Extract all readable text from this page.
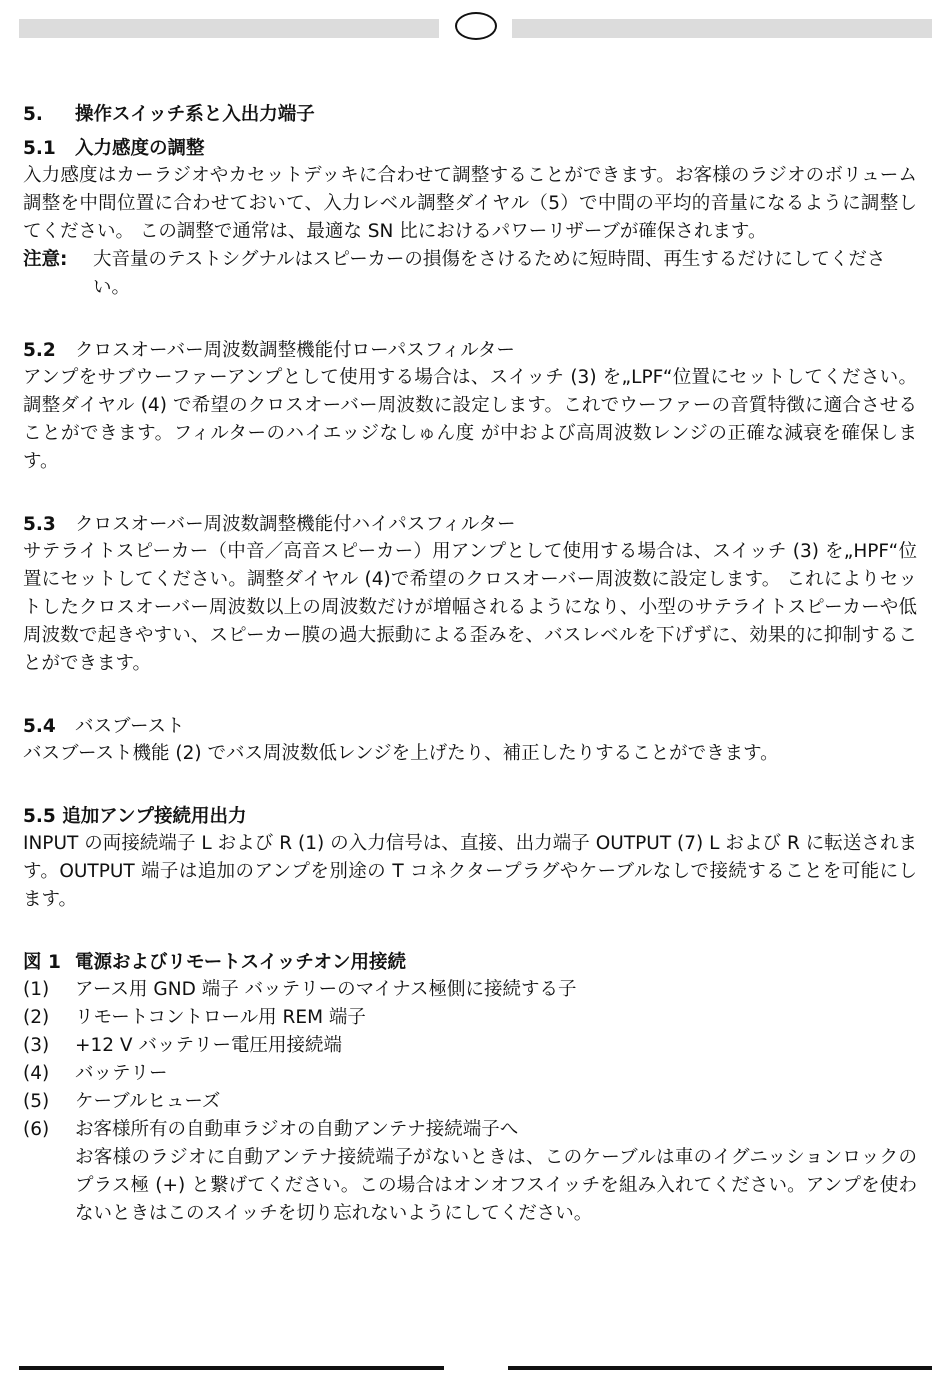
5.	操作スイッチ系と入出力端子
5.1	入力感度の調整
入力感度はカーラジオやカセットデッキに合わせて調整することができます。お客様のラジオのボリューム調整を中間位置に合わせておいて、入力レベル調整ダイヤル（5）で中間の平均的音量になるように調整してください。 この調整で通常は、最適な SN 比におけるパワーリザーブが確保されます。
注意:	大音量のテストシグナルはスピーカーの損傷をさけるために短時間、再生するだけにしてください。
5.2	クロスオーバー周波数調整機能付ローパスフィルター
アンプをサブウーファーアンプとして使用する場合は、スイッチ (3) を„LPF“位置にセットしてください。調整ダイヤル (4) で希望のクロスオーバー周波数に設定します。これでウーファーの音質特徴に適合させることができます。フィルターのハイエッジなしゅん度 が中および高周波数レンジの正確な減衰を確保します。
5.3	クロスオーバー周波数調整機能付ハイパスフィルター
サテライトスピーカー（中音／高音スピーカー）用アンプとして使用する場合は、スイッチ (3) を„HPF“位置にセットしてください。調整ダイヤル (4)で希望のクロスオーバー周波数に設定します。 これによりセットしたクロスオーバー周波数以上の周波数だけが増幅されるようになり、小型のサテライトスピーカーや低周波数で起きやすい、スピーカー膜の過大振動による歪みを、バスレベルを下げずに、効果的に抑制することができます。
5.4	バスブースト
バスブースト機能 (2) でバス周波数低レンジを上げたり、補正したりすることができます。
5.5 追加アンプ接続用出力
INPUT の両接続端子 L および R (1) の入力信号は、直接、出力端子 OUTPUT (7) L および R に転送されます。OUTPUT 端子は追加のアンプを別途の T コネクタープラグやケーブルなしで接続することを可能にします。
図 1 電源およびリモートスイッチオン用接続
(1)	アース用 GND 端子 バッテリーのマイナス極側に接続する子
(2)	リモートコントロール用 REM 端子
(3)	+12 V バッテリー電圧用接続端
(4)	バッテリー
(5)	ケーブルヒューズ
(6)	お客様所有の自動車ラジオの自動アンテナ接続端子へ
お客様のラジオに自動アンテナ接続端子がないときは、このケーブルは車のイグニッションロックのプラス極 (+) と繋げてください。この場合はオンオフスイッチを組み入れてください。アンプを使わないときはこのスイッチを切り忘れないようにしてください。
